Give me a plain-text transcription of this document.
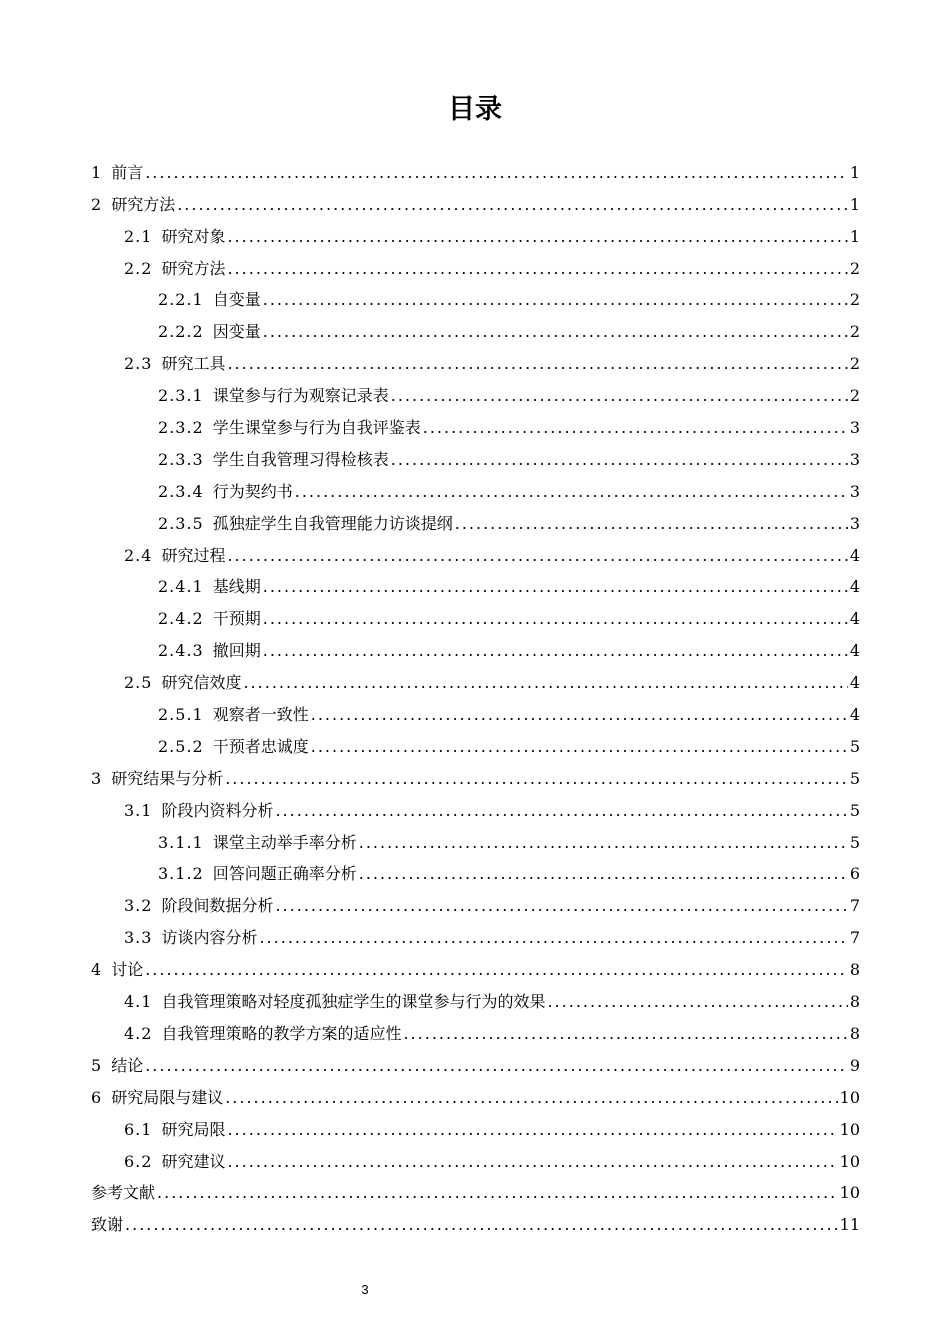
目录
1 前言 .....	1
2 研究方法 .....	1
2.1 研究对象 .....	1
2.2 研究方法 .....	2
2.2.1 自变量 .....	2
2.2.2 因变量 .....	2
2.3 研究工具 .....	2
2.3.1 课堂参与行为观察记录表 .....	2
2.3.2 学生课堂参与行为自我评鉴表 .....	3
2.3.3 学生自我管理习得检核表 .....	3
2.3.4 行为契约书 .....	3
2.3.5 孤独症学生自我管理能力访谈提纲 .....	3
2.4 研究过程 .....	4
2.4.1 基线期 .....	4
2.4.2 干预期 .....	4
2.4.3 撤回期 .....	4
2.5 研究信效度 .....	4
2.5.1 观察者一致性 .....	4
2.5.2 干预者忠诚度 .....	5
3 研究结果与分析 .....	5
3.1 阶段内资料分析 .....	5
3.1.1 课堂主动举手率分析 .....	5
3.1.2 回答问题正确率分析 .....	6
3.2 阶段间数据分析 .....	7
3.3 访谈内容分析 .....	7
4 讨论 .....	8
4.1 自我管理策略对轻度孤独症学生的课堂参与行为的效果 .....	8
4.2 自我管理策略的教学方案的适应性 .....	8
5 结论 .....	9
6 研究局限与建议 .....	10
6.1 研究局限 .....	10
6.2 研究建议 .....	10
参考文献 .....	10
致谢 .....	11
3
